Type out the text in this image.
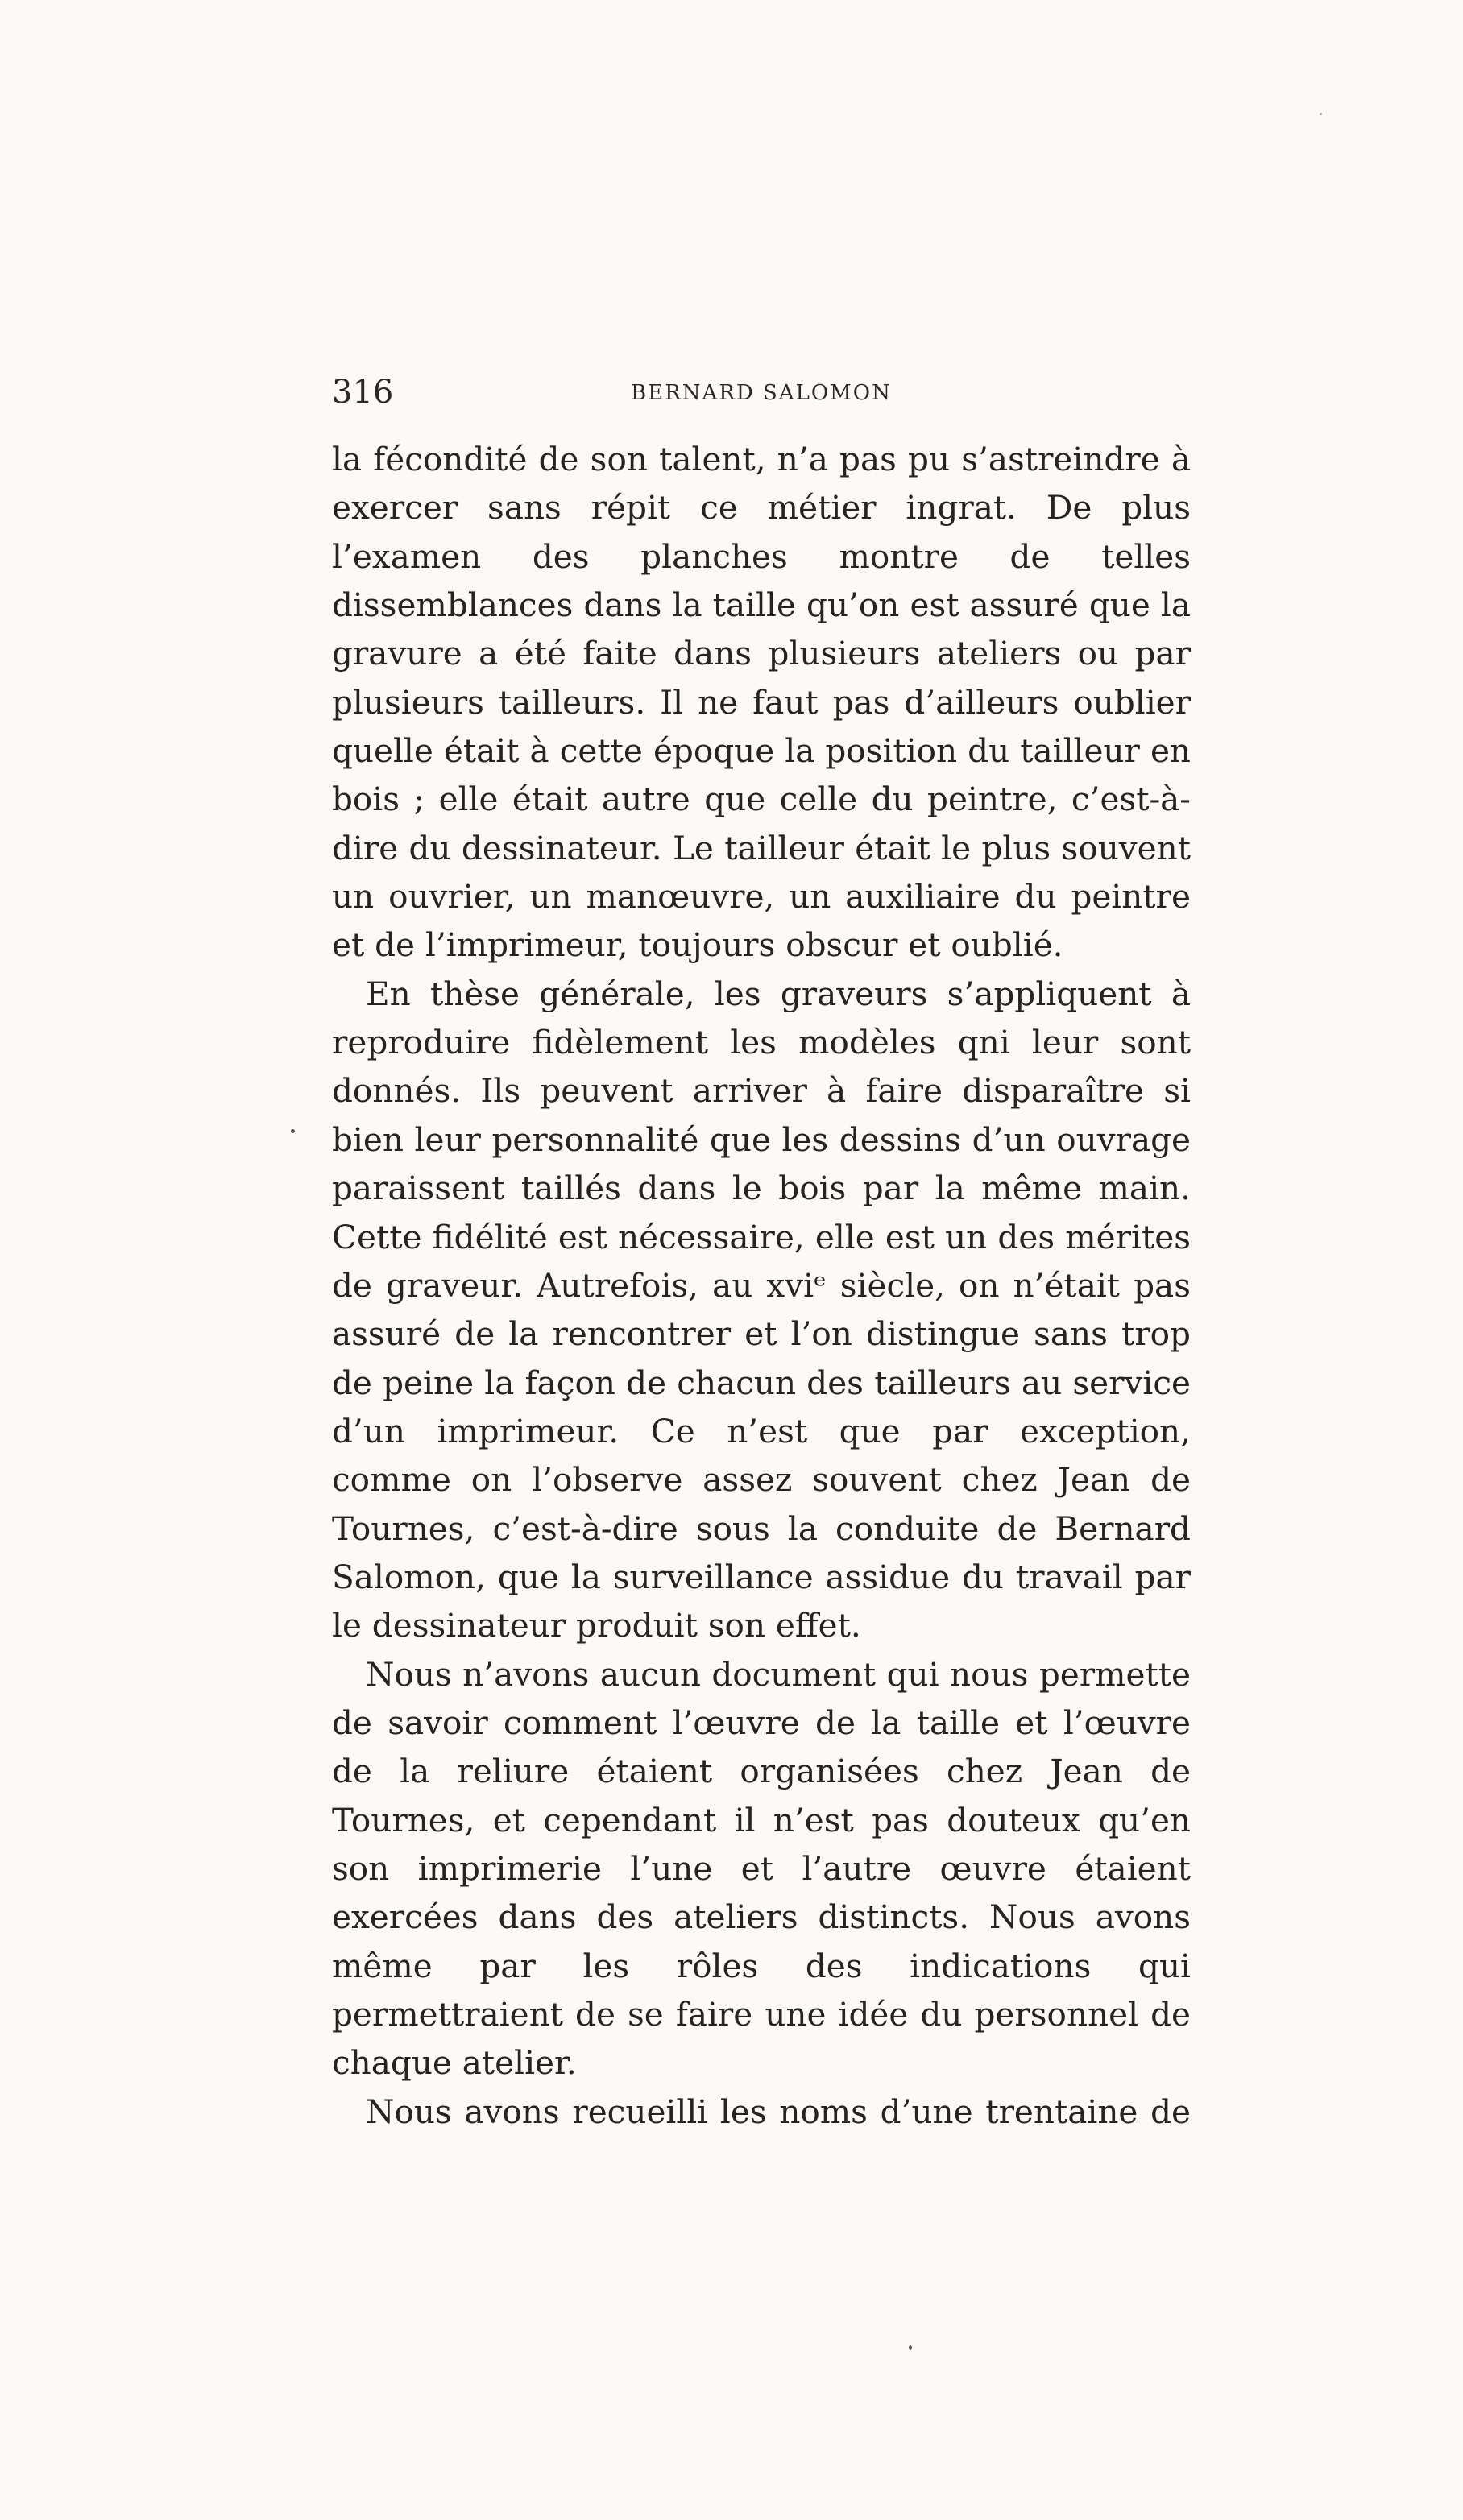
316	BERNARD SALOMON

la fécondité de son talent, n’a pas pu s’astreindre à exercer sans répit ce métier ingrat. De plus l’examen des planches montre de telles dissemblances dans la taille qu’on est assuré que la gravure a été faite dans plusieurs ateliers ou par plusieurs tailleurs. Il ne faut pas d’ailleurs oublier quelle était à cette époque la position du tailleur en bois ; elle était autre que celle du peintre, c’est-à-dire du dessinateur. Le tailleur était le plus souvent un ouvrier, un manœuvre, un auxiliaire du peintre et de l’imprimeur, toujours obscur et oublié.

En thèse générale, les graveurs s’appliquent à reproduire fidèlement les modèles qni leur sont donnés. Ils peuvent arriver à faire disparaître si bien leur personnalité que les dessins d’un ouvrage paraissent taillés dans le bois par la même main. Cette fidélité est nécessaire, elle est un des mérites de graveur. Autrefois, au xviᵉ siècle, on n’était pas assuré de la rencontrer et l’on distingue sans trop de peine la façon de chacun des tailleurs au service d’un imprimeur. Ce n’est que par exception, comme on l’observe assez souvent chez Jean de Tournes, c’est-à-dire sous la conduite de Bernard Salomon, que la surveillance assidue du travail par le dessinateur produit son effet.

Nous n’avons aucun document qui nous permette de savoir comment l’œuvre de la taille et l’œuvre de la reliure étaient organisées chez Jean de Tournes, et cependant il n’est pas douteux qu’en son imprimerie l’une et l’autre œuvre étaient exercées dans des ateliers distincts. Nous avons même par les rôles des indications qui permettraient de se faire une idée du personnel de chaque atelier.

Nous avons recueilli les noms d’une trentaine de
